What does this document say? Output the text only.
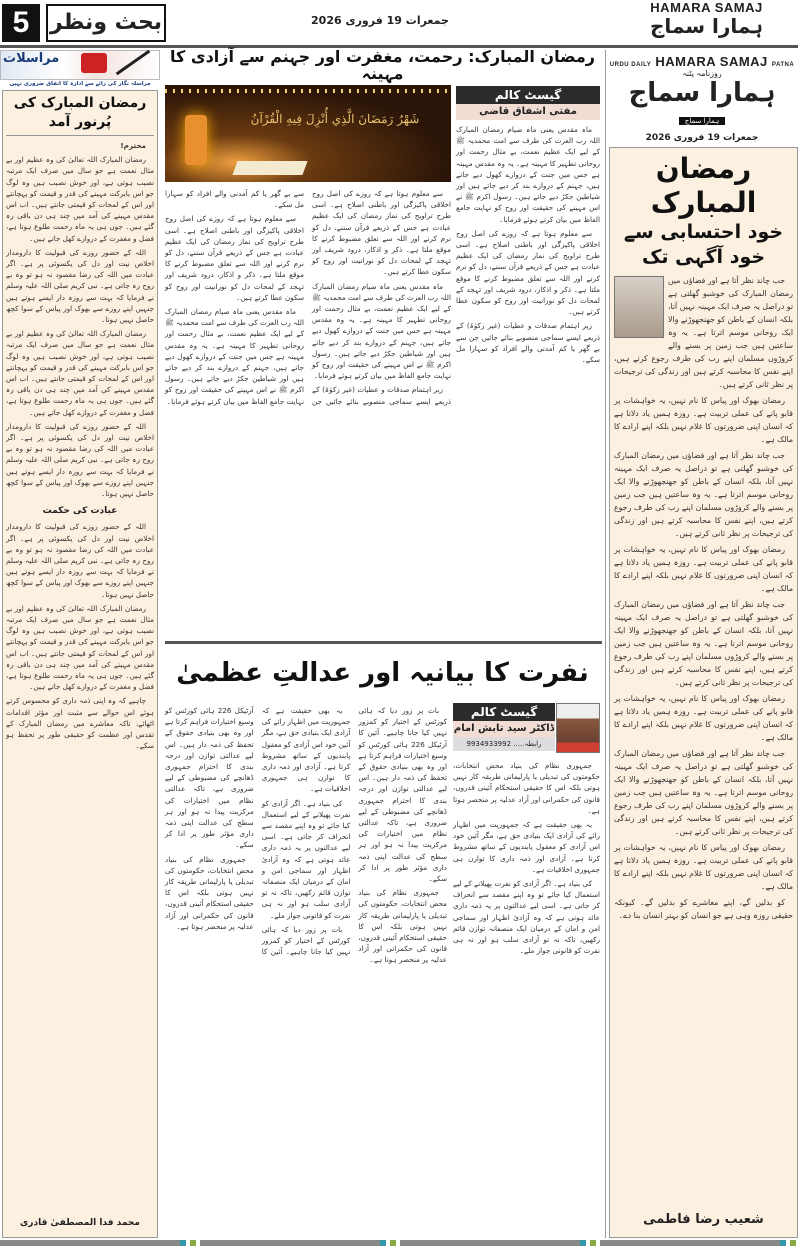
5 بحث ونظر	جمعرات 19 فروری 2026
HAMARA SAMAJ
ہمارا سماج
URDU DAILY HAMARA SAMAJ PATNA
روزنامہ پٹنہ
ہمارا سماج
ہمارا سماج
جمعرات 19 فروری 2026
رمضان المبارک
خود احتسابی سے خود آگہی تک

جب چاند نظر آتا ہے اور فضاؤں میں رمضان المبارک کی خوشبو گھلتی ہے تو دراصل یہ صرف ایک مہینہ نہیں آتا، بلکہ انسان کے باطن کو جھنجھوڑنے والا ایک روحانی موسم اترتا ہے۔ یہ وہ ساعتیں ہیں جب زمین پر بسنے والے کروڑوں مسلمان اپنے رب کی طرف رجوع کرتے ہیں، اپنے نفس کا محاسبہ کرتے ہیں اور زندگی کی ترجیحات پر نظر ثانی کرتے ہیں۔

رمضان بھوک اور پیاس کا نام نہیں، یہ خواہشات پر قابو پانے کی عملی تربیت ہے۔ روزہ ہمیں یاد دلاتا ہے کہ انسان اپنی ضرورتوں کا غلام نہیں بلکہ اپنے ارادے کا مالک ہے۔

جب چاند نظر آتا ہے اور فضاؤں میں رمضان المبارک کی خوشبو گھلتی ہے تو دراصل یہ صرف ایک مہینہ نہیں آتا، بلکہ انسان کے باطن کو جھنجھوڑنے والا ایک روحانی موسم اترتا ہے۔ یہ وہ ساعتیں ہیں جب زمین پر بسنے والے کروڑوں مسلمان اپنے رب کی طرف رجوع کرتے ہیں، اپنے نفس کا محاسبہ کرتے ہیں اور زندگی کی ترجیحات پر نظر ثانی کرتے ہیں۔

رمضان بھوک اور پیاس کا نام نہیں، یہ خواہشات پر قابو پانے کی عملی تربیت ہے۔ روزہ ہمیں یاد دلاتا ہے کہ انسان اپنی ضرورتوں کا غلام نہیں بلکہ اپنے ارادے کا مالک ہے۔

جب چاند نظر آتا ہے اور فضاؤں میں رمضان المبارک کی خوشبو گھلتی ہے تو دراصل یہ صرف ایک مہینہ نہیں آتا، بلکہ انسان کے باطن کو جھنجھوڑنے والا ایک روحانی موسم اترتا ہے۔ یہ وہ ساعتیں ہیں جب زمین پر بسنے والے کروڑوں مسلمان اپنے رب کی طرف رجوع کرتے ہیں، اپنے نفس کا محاسبہ کرتے ہیں اور زندگی کی ترجیحات پر نظر ثانی کرتے ہیں۔

رمضان بھوک اور پیاس کا نام نہیں، یہ خواہشات پر قابو پانے کی عملی تربیت ہے۔ روزہ ہمیں یاد دلاتا ہے کہ انسان اپنی ضرورتوں کا غلام نہیں بلکہ اپنے ارادے کا مالک ہے۔

جب چاند نظر آتا ہے اور فضاؤں میں رمضان المبارک کی خوشبو گھلتی ہے تو دراصل یہ صرف ایک مہینہ نہیں آتا، بلکہ انسان کے باطن کو جھنجھوڑنے والا ایک روحانی موسم اترتا ہے۔ یہ وہ ساعتیں ہیں جب زمین پر بسنے والے کروڑوں مسلمان اپنے رب کی طرف رجوع کرتے ہیں، اپنے نفس کا محاسبہ کرتے ہیں اور زندگی کی ترجیحات پر نظر ثانی کرتے ہیں۔

رمضان بھوک اور پیاس کا نام نہیں، یہ خواہشات پر قابو پانے کی عملی تربیت ہے۔ روزہ ہمیں یاد دلاتا ہے کہ انسان اپنی ضرورتوں کا غلام نہیں بلکہ اپنے ارادے کا مالک ہے۔

کو بدلیں گے، اپنے معاشرے کو بدلیں گے۔ کیونکہ حقیقی روزہ وہی ہے جو انسان کو بہتر انسان بنا دے۔

شعیب رضا فاطمی
مراسلات
مراسلہ نگار کی رائے سے ادارہ کا اتفاق ضروری نہیں
رمضان المبارک کی پُرنور آمد

محترم!

رمضان المبارک اللہ تعالیٰ کی وہ عظیم اور بے مثال نعمت ہے جو سال میں صرف ایک مرتبہ نصیب ہوتی ہے، اور خوش نصیب ہیں وہ لوگ جو اس بابرکت مہینے کی قدر و قیمت کو پہچانتے اور اس کے لمحات کو قیمتی جانتے ہیں۔ اب اس مقدس مہینے کی آمد میں چند ہی دن باقی رہ گئے ہیں۔ جوں ہی یہ ماہ رحمت طلوع ہوتا ہے، فضل و مغفرت کے دروازے کھل جاتے ہیں۔

اللہ کے حضور روزے کی قبولیت کا دارومدار اخلاص نیت اور دل کی یکسوئی پر ہے۔ اگر عبادت میں اللہ کی رضا مقصود نہ ہو تو وہ بے روح رہ جاتی ہے۔ نبی کریم صلی اللہ علیہ وسلم نے فرمایا کہ بہت سے روزہ دار ایسے ہوتے ہیں جنہیں اپنے روزے سے بھوک اور پیاس کے سوا کچھ حاصل نہیں ہوتا۔

رمضان المبارک اللہ تعالیٰ کی وہ عظیم اور بے مثال نعمت ہے جو سال میں صرف ایک مرتبہ نصیب ہوتی ہے، اور خوش نصیب ہیں وہ لوگ جو اس بابرکت مہینے کی قدر و قیمت کو پہچانتے اور اس کے لمحات کو قیمتی جانتے ہیں۔ اب اس مقدس مہینے کی آمد میں چند ہی دن باقی رہ گئے ہیں۔ جوں ہی یہ ماہ رحمت طلوع ہوتا ہے، فضل و مغفرت کے دروازے کھل جاتے ہیں۔

اللہ کے حضور روزے کی قبولیت کا دارومدار اخلاص نیت اور دل کی یکسوئی پر ہے۔ اگر عبادت میں اللہ کی رضا مقصود نہ ہو تو وہ بے روح رہ جاتی ہے۔ نبی کریم صلی اللہ علیہ وسلم نے فرمایا کہ بہت سے روزہ دار ایسے ہوتے ہیں جنہیں اپنے روزے سے بھوک اور پیاس کے سوا کچھ حاصل نہیں ہوتا۔

عبادت کی حکمت

اللہ کے حضور روزے کی قبولیت کا دارومدار اخلاص نیت اور دل کی یکسوئی پر ہے۔ اگر عبادت میں اللہ کی رضا مقصود نہ ہو تو وہ بے روح رہ جاتی ہے۔ نبی کریم صلی اللہ علیہ وسلم نے فرمایا کہ بہت سے روزہ دار ایسے ہوتے ہیں جنہیں اپنے روزے سے بھوک اور پیاس کے سوا کچھ حاصل نہیں ہوتا۔

رمضان المبارک اللہ تعالیٰ کی وہ عظیم اور بے مثال نعمت ہے جو سال میں صرف ایک مرتبہ نصیب ہوتی ہے، اور خوش نصیب ہیں وہ لوگ جو اس بابرکت مہینے کی قدر و قیمت کو پہچانتے اور اس کے لمحات کو قیمتی جانتے ہیں۔ اب اس مقدس مہینے کی آمد میں چند ہی دن باقی رہ گئے ہیں۔ جوں ہی یہ ماہ رحمت طلوع ہوتا ہے، فضل و مغفرت کے دروازے کھل جاتے ہیں۔

چاہیے کہ وہ اپنی ذمہ داری کو محسوس کرتے ہوئے اس حوالے سے مثبت اور مؤثر اقدامات اٹھائے، تاکہ معاشرے میں رمضان المبارک کے تقدس اور عظمت کو حقیقی طور پر تحفظ ہو سکے۔

محمد فدا المصطفیٰ قادری
رمضان المبارک: رحمت، مغفرت اور جہنم سے آزادی کا مہینہ
شَهْرُ رَمَضَانَ الَّذِي أُنْزِلَ فِيهِ الْقُرْآنُ
گیسٹ کالم
مفتی اشفاق قاضی

ماہ مقدس یعنی ماہ صیام رمضان المبارک اللہ رب العزت کی طرف سے امت محمدیہ ﷺ کے لیے ایک عظیم نعمت، بے مثال رحمت اور روحانی تطہیر کا مہینہ ہے۔ یہ وہ مقدس مہینہ ہے جس میں جنت کے دروازے کھول دیے جاتے ہیں، جہنم کے دروازے بند کر دیے جاتے ہیں اور شیاطین جکڑ دیے جاتے ہیں۔ رسول اکرم ﷺ نے اس مہینے کی حقیقت اور روح کو نہایت جامع الفاظ میں بیان کرتے ہوئے فرمایا۔

سے معلوم ہوتا ہے کہ روزے کی اصل روح اخلاقی پاکیزگی اور باطنی اصلاح ہے۔ اسی طرح تراویح کی نماز رمضان کی ایک عظیم عبادت ہے جس کے ذریعے قرآن سننے، دل کو نرم کرنے اور اللہ سے تعلق مضبوط کرنے کا موقع ملتا ہے۔ ذکر و اذکار، درود شریف اور تہجد کے لمحات دل کو نورانیت اور روح کو سکون عطا کرتے ہیں۔

زیر اہتمام صدقات و عطیات (غیر زکوٰۃ) کے ذریعے ایسے سماجی منصوبے بنائے جائیں جن سے بے گھر یا کم آمدنی والے افراد کو سہارا مل سکے۔

سے معلوم ہوتا ہے کہ روزے کی اصل روح اخلاقی پاکیزگی اور باطنی اصلاح ہے۔ اسی طرح تراویح کی نماز رمضان کی ایک عظیم عبادت ہے جس کے ذریعے قرآن سننے، دل کو نرم کرنے اور اللہ سے تعلق مضبوط کرنے کا موقع ملتا ہے۔ ذکر و اذکار، درود شریف اور تہجد کے لمحات دل کو نورانیت اور روح کو سکون عطا کرتے ہیں۔

ماہ مقدس یعنی ماہ صیام رمضان المبارک اللہ رب العزت کی طرف سے امت محمدیہ ﷺ کے لیے ایک عظیم نعمت، بے مثال رحمت اور روحانی تطہیر کا مہینہ ہے۔ یہ وہ مقدس مہینہ ہے جس میں جنت کے دروازے کھول دیے جاتے ہیں، جہنم کے دروازے بند کر دیے جاتے ہیں اور شیاطین جکڑ دیے جاتے ہیں۔ رسول اکرم ﷺ نے اس مہینے کی حقیقت اور روح کو نہایت جامع الفاظ میں بیان کرتے ہوئے فرمایا۔

زیر اہتمام صدقات و عطیات (غیر زکوٰۃ) کے ذریعے ایسے سماجی منصوبے بنائے جائیں جن سے بے گھر یا کم آمدنی والے افراد کو سہارا مل سکے۔

سے معلوم ہوتا ہے کہ روزے کی اصل روح اخلاقی پاکیزگی اور باطنی اصلاح ہے۔ اسی طرح تراویح کی نماز رمضان کی ایک عظیم عبادت ہے جس کے ذریعے قرآن سننے، دل کو نرم کرنے اور اللہ سے تعلق مضبوط کرنے کا موقع ملتا ہے۔ ذکر و اذکار، درود شریف اور تہجد کے لمحات دل کو نورانیت اور روح کو سکون عطا کرتے ہیں۔

ماہ مقدس یعنی ماہ صیام رمضان المبارک اللہ رب العزت کی طرف سے امت محمدیہ ﷺ کے لیے ایک عظیم نعمت، بے مثال رحمت اور روحانی تطہیر کا مہینہ ہے۔ یہ وہ مقدس مہینہ ہے جس میں جنت کے دروازے کھول دیے جاتے ہیں، جہنم کے دروازے بند کر دیے جاتے ہیں اور شیاطین جکڑ دیے جاتے ہیں۔ رسول اکرم ﷺ نے اس مہینے کی حقیقت اور روح کو نہایت جامع الفاظ میں بیان کرتے ہوئے فرمایا۔

نفرت کا بیانیہ اور عدالتِ عظمیٰ
گیسٹ کالم
ڈاکٹر سید تابش امام
رابطہ..... 9934933992

جمہوری نظام کی بنیاد محض انتخابات، حکومتوں کی تبدیلی یا پارلیمانی طریقہ کار نہیں ہوتی بلکہ اس کا حقیقی استحکام آئینی قدروں، قانون کی حکمرانی اور آزاد عدلیہ پر منحصر ہوتا ہے۔

یہ بھی حقیقت ہے کہ جمہوریت میں اظہار رائے کی آزادی ایک بنیادی حق ہے، مگر آئین خود اس آزادی کو معقول پابندیوں کے ساتھ مشروط کرتا ہے۔ آزادی اور ذمہ داری کا توازن ہی جمہوری اخلاقیات ہے۔

کی بنیاد ہے۔ اگر آزادی کو نفرت پھیلانے کے لیے استعمال کیا جائے تو وہ اپنے مقصد سے انحراف کر جاتی ہے۔ اسی لیے عدالتوں پر یہ ذمہ داری عائد ہوتی ہے کہ وہ آزادیٔ اظہار اور سماجی امن و امان کے درمیان ایک منصفانہ توازن قائم رکھیں، تاکہ نہ تو آزادی سلب ہو اور نہ ہی نفرت کو قانونی جواز ملے۔

بات پر زور دیا کہ ہائی کورٹس کے اختیار کو کمزور نہیں کیا جانا چاہیے۔ آئین کا آرٹیکل 226 ہائی کورٹس کو وسیع اختیارات فراہم کرتا ہے اور وہ بھی بنیادی حقوق کے تحفظ کی ذمہ دار ہیں۔ اس لیے عدالتی توازن اور درجہ بندی کا احترام جمہوری ڈھانچے کی مضبوطی کے لیے ضروری ہے، تاکہ عدالتی نظام میں اختیارات کی مرکزیت پیدا نہ ہو اور ہر سطح کی عدالت اپنی ذمہ داری مؤثر طور پر ادا کر سکے۔

جمہوری نظام کی بنیاد محض انتخابات، حکومتوں کی تبدیلی یا پارلیمانی طریقہ کار نہیں ہوتی بلکہ اس کا حقیقی استحکام آئینی قدروں، قانون کی حکمرانی اور آزاد عدلیہ پر منحصر ہوتا ہے۔

یہ بھی حقیقت ہے کہ جمہوریت میں اظہار رائے کی آزادی ایک بنیادی حق ہے، مگر آئین خود اس آزادی کو معقول پابندیوں کے ساتھ مشروط کرتا ہے۔ آزادی اور ذمہ داری کا توازن ہی جمہوری اخلاقیات ہے۔

کی بنیاد ہے۔ اگر آزادی کو نفرت پھیلانے کے لیے استعمال کیا جائے تو وہ اپنے مقصد سے انحراف کر جاتی ہے۔ اسی لیے عدالتوں پر یہ ذمہ داری عائد ہوتی ہے کہ وہ آزادیٔ اظہار اور سماجی امن و امان کے درمیان ایک منصفانہ توازن قائم رکھیں، تاکہ نہ تو آزادی سلب ہو اور نہ ہی نفرت کو قانونی جواز ملے۔

بات پر زور دیا کہ ہائی کورٹس کے اختیار کو کمزور نہیں کیا جانا چاہیے۔ آئین کا آرٹیکل 226 ہائی کورٹس کو وسیع اختیارات فراہم کرتا ہے اور وہ بھی بنیادی حقوق کے تحفظ کی ذمہ دار ہیں۔ اس لیے عدالتی توازن اور درجہ بندی کا احترام جمہوری ڈھانچے کی مضبوطی کے لیے ضروری ہے، تاکہ عدالتی نظام میں اختیارات کی مرکزیت پیدا نہ ہو اور ہر سطح کی عدالت اپنی ذمہ داری مؤثر طور پر ادا کر سکے۔

جمہوری نظام کی بنیاد محض انتخابات، حکومتوں کی تبدیلی یا پارلیمانی طریقہ کار نہیں ہوتی بلکہ اس کا حقیقی استحکام آئینی قدروں، قانون کی حکمرانی اور آزاد عدلیہ پر منحصر ہوتا ہے۔
